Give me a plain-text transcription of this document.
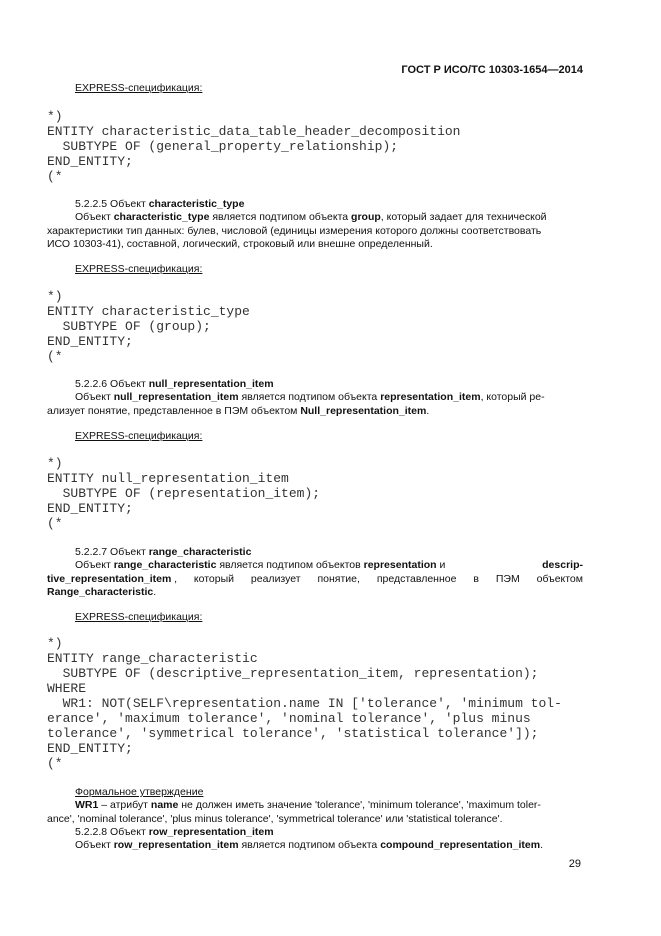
ГОСТ Р ИСО/ТС 10303-1654—2014
EXPRESS-спецификация:
*)
ENTITY characteristic_data_table_header_decomposition
SUBTYPE OF (general_property_relationship);
END_ENTITY;
(*
5.2.2.5 Объект characteristic_type
Объект characteristic_type является подтипом объекта group, который задает для технической
характеристики тип данных: булев, числовой (единицы измерения которого должны соответствовать
ИСО 10303-41), составной, логический, строковый или внешне определенный.
EXPRESS-спецификация:
*)
ENTITY characteristic_type
SUBTYPE OF (group);
END_ENTITY;
(*
5.2.2.6 Объект null_representation_item
Объект null_representation_item является подтипом объекта representation_item, который ре-
ализует понятие, представленное в ПЭМ объектом Null_representation_item.
EXPRESS-спецификация:
*)
ENTITY null_representation_item
SUBTYPE OF (representation_item);
END_ENTITY;
(*
5.2.2.7 Объект range_characteristic
Объект range_characteristic является подтипом объектов representation и	descrip-
tive_representation_item , который реализует понятие, представленное в ПЭМ объектом
Range_characteristic.
EXPRESS-спецификация:
*)
ENTITY range_characteristic
SUBTYPE OF (descriptive_representation_item, representation);
WHERE
WR1: NOT(SELF\representation.name IN ['tolerance', 'minimum tol-
erance', 'maximum tolerance', 'nominal tolerance', 'plus minus
tolerance', 'symmetrical tolerance', 'statistical tolerance']);
END_ENTITY;
(*
Формальное утверждение
WR1 – атрибут name не должен иметь значение 'tolerance', 'minimum tolerance', 'maximum toler-
ance', 'nominal tolerance', 'plus minus tolerance', 'symmetrical tolerance' или 'statistical tolerance'.
5.2.2.8 Объект row_representation_item
Объект row_representation_item является подтипом объекта compound_representation_item.
29
